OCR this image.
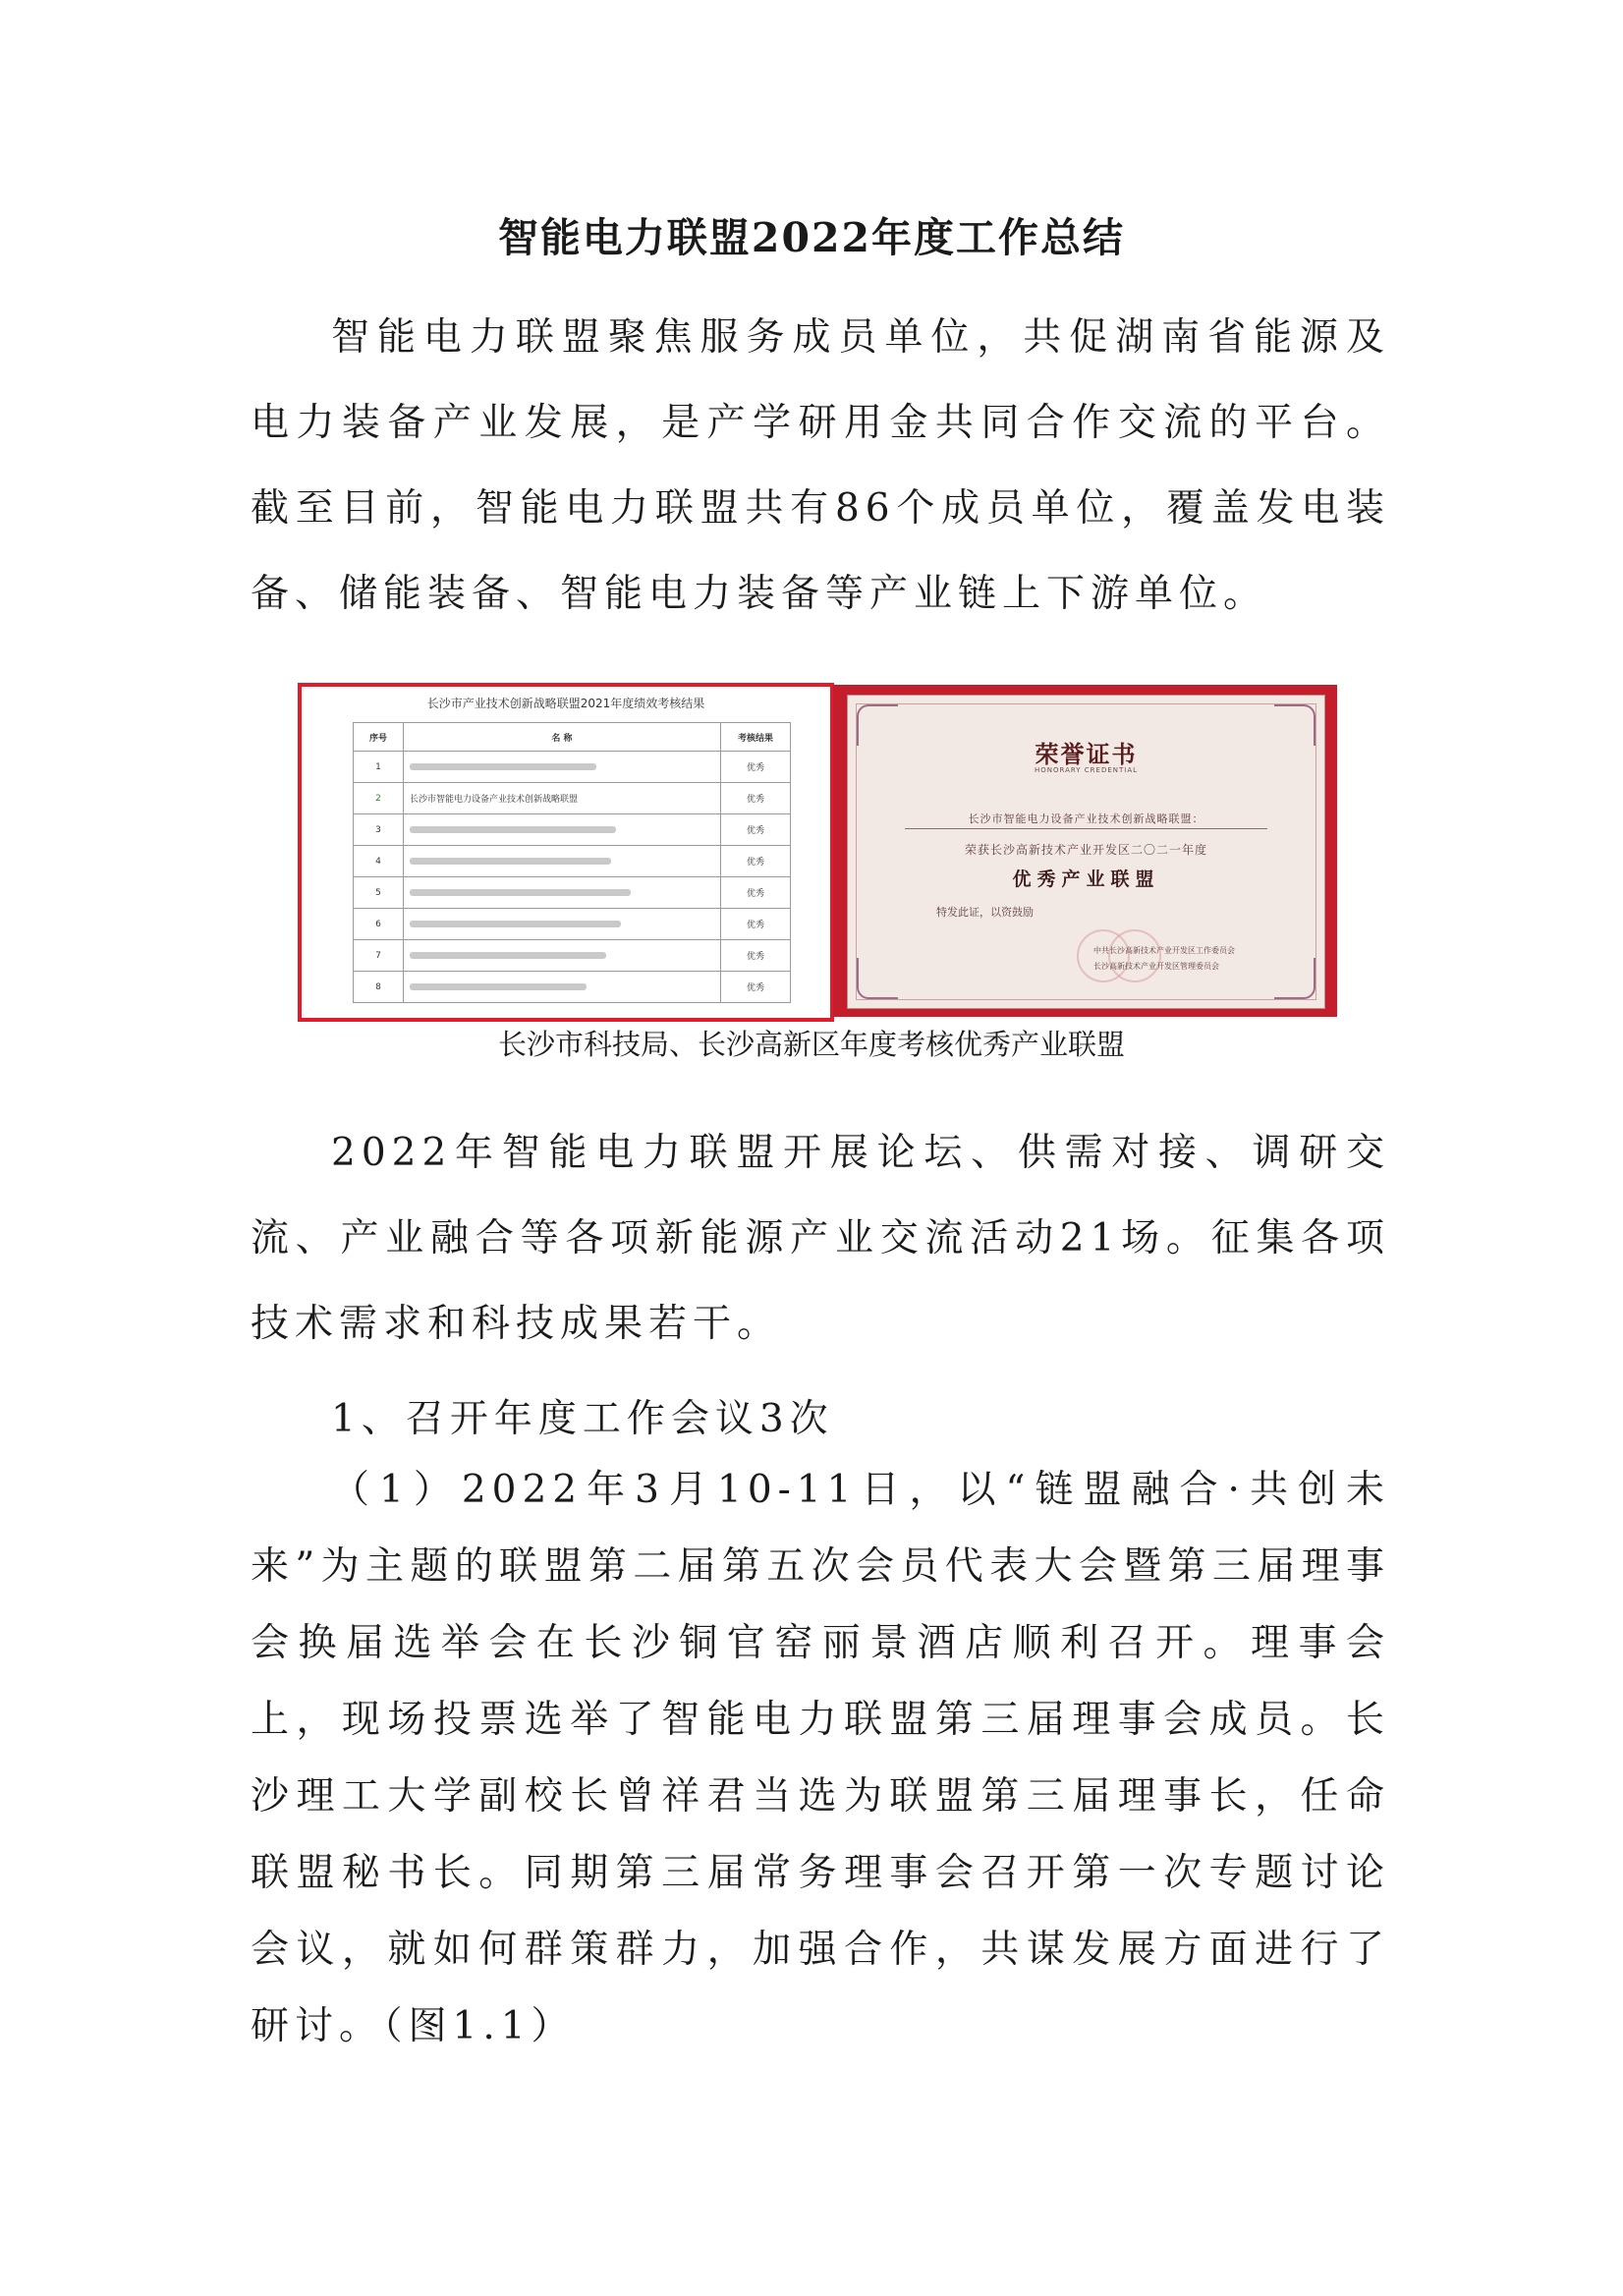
智能电力联盟2022年度工作总结

智能电力联盟聚焦服务成员单位，共促湖南省能源及电力装备产业发展，是产学研用金共同合作交流的平台。截至目前，智能电力联盟共有86个成员单位，覆盖发电装备、储能装备、智能电力装备等产业链上下游单位。

长沙市产业技术创新战略联盟2021年度绩效考核结果
序号	名 称	考核结果
1		优秀
2	长沙市智能电力设备产业技术创新战略联盟	优秀
3		优秀
4		优秀
5		优秀
6		优秀
7		优秀
8		优秀
荣誉证书
HONORARY CREDENTIAL
长沙市智能电力设备产业技术创新战略联盟：
荣获长沙高新技术产业开发区二〇二一年度
优秀产业联盟
特发此证，以资鼓励
中共长沙高新技术产业开发区工作委员会
长沙高新技术产业开发区管理委员会
长沙市科技局、长沙高新区年度考核优秀产业联盟

2022年智能电力联盟开展论坛、供需对接、调研交流、产业融合等各项新能源产业交流活动21场。征集各项技术需求和科技成果若干。

1、召开年度工作会议3次

（1）2022年3月10-11日，以“链盟融合·共创未来”为主题的联盟第二届第五次会员代表大会暨第三届理事会换届选举会在长沙铜官窑丽景酒店顺利召开。理事会上，现场投票选举了智能电力联盟第三届理事会成员。长沙理工大学副校长曾祥君当选为联盟第三届理事长，任命联盟秘书长。同期第三届常务理事会召开第一次专题讨论会议，就如何群策群力，加强合作，共谋发展方面进行了研讨。（图1.1）
